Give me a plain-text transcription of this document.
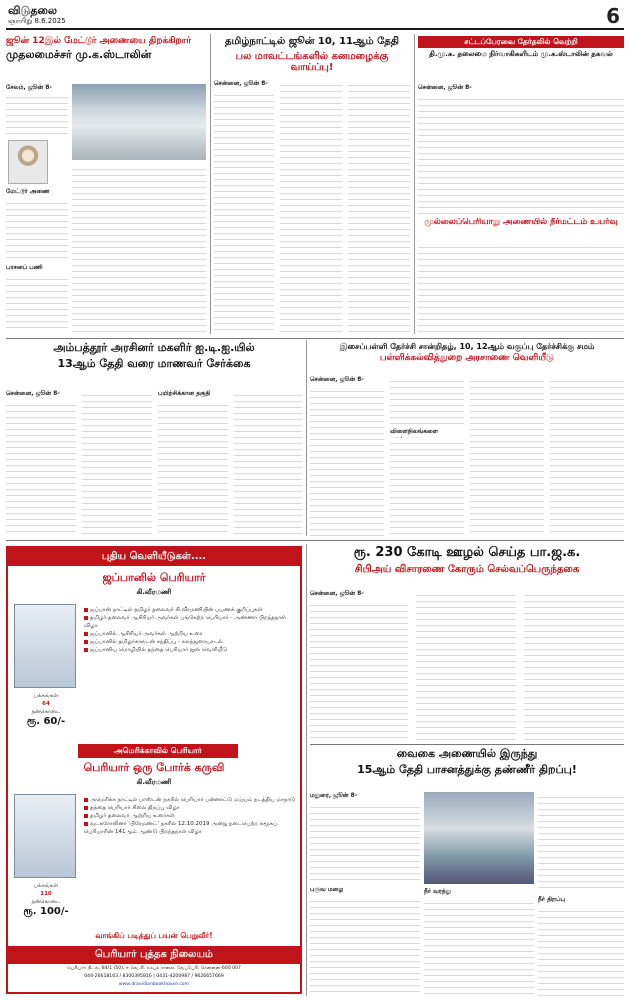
விடுதலை
ஞாயிறு 8.6.2025	6
ஜூன் 12இல் மேட்டூர் அணையை திறக்கிறார்
முதலமைச்சர் மு.க.ஸ்டாலின்
சேலம், ஜூன் 8-
மேட்டூர் அணை
பாசனப் பணி
தமிழ்நாட்டில் ஜூன் 10, 11ஆம் தேதி
பல மாவட்டங்களில் கனமழைக்கு வாய்ப்பு!
சென்னை, ஜூன் 8-
சட்டப்பேரவை தேர்தலில் வெற்றி
தி.மு.க. தலைமை நிர்வாகிகளிடம் மு.க.ஸ்டாலின் தகவல்
சென்னை, ஜூன் 8-
முல்லைப்பெரியாறு அணையில் நீர்மட்டம் உயர்வு
அம்பத்தூர் அரசினர் மகளிர் ஐ.டி.ஐ.யில்
13ஆம் தேதி வரை மாணவர் சேர்க்கை
சென்னை, ஜூன் 8-	பயிற்சிக்கான தகுதி
இசைப்பள்ளி தேர்ச்சி சான்றிதழ், 10, 12ஆம் வகுப்பு தேர்ச்சிக்கு சமம்
பள்ளிக்கல்வித்துறை அரசாணை வெளியீடு
சென்னை, ஜூன் 8-
விளைநிலங்களை
புதிய வெளியீடுகள்....
ஜப்பானில் பெரியார்
கி.வீரமணி
பக்கங்கள்
64
நன்கொடை
ரூ. 60/-
ஜப்பான் நாட்டில் தமிழர் தலைவர் கி.வீரமணியின் பயணக் குறிப்புகள்
தமிழர் தலைவர் ஆசிரியர் அவர்கள் பங்கேற்ற பெரியார் - அண்ணா பிறந்தநாள் விழா
ஜப்பானில் ஆசிரியர் அவர்கள் ஆற்றிய உரை
ஜப்பானில் தமிழர்களுடன் சந்திப்பு - கலந்துரையாடல்
ஜப்பானிய மொழியில் தந்தை பெரியார் நூல் வெளியீடு
அமெரிக்காவில் பெரியார்
பெரியார் ஒரு போர்க் கருவி
கி.வீரமணி
பக்கங்கள்
110
நன்கொடை
ரூ. 100/-
அமெரிக்க நாட்டில் பாஸ்டன் நகரில் பெரியார் பன்னாட்டு மய்யம் நடத்திய மாநாடு
தந்தை பெரியார் சிலை திறப்பு விழா
தமிழர் தலைவர் ஆற்றிய உரைகள்
வடகரோலினா 'பிரேமண்ட்' நகரில் 12.10.2019 அன்று நடைபெற்ற சுமூகப் பெரியாரின் 141ஆம் ஆண்டு பிறந்தநாள் விழா
வாங்கிப் படித்துப் பயன் பெறுவீர்!
பெரியார் புத்தக நிலையம்
பெரியார் திடல், 84/1 (50), ஈ.வெ.கி. சம்பத் சாலை, வேப்பேரி, சென்னை-600 007
044-26618163 / 8300395816 | 0431-4200987 / 9626657669
www.dravidianbookhouse.com
ரூ. 230 கோடி ஊழல் செய்த பா.ஜ.க.
சிபிஅய் விசாரணை கோரும் செல்வப்பெருந்தகை
சென்னை, ஜூன் 8-
வைகை அணையில் இருந்து
15ஆம் தேதி பாசனத்துக்கு தண்ணீர் திறப்பு!
மதுரை, ஜூன் 8-
பருவ மழை	நீர் வரத்து
நீர் திறப்பு
